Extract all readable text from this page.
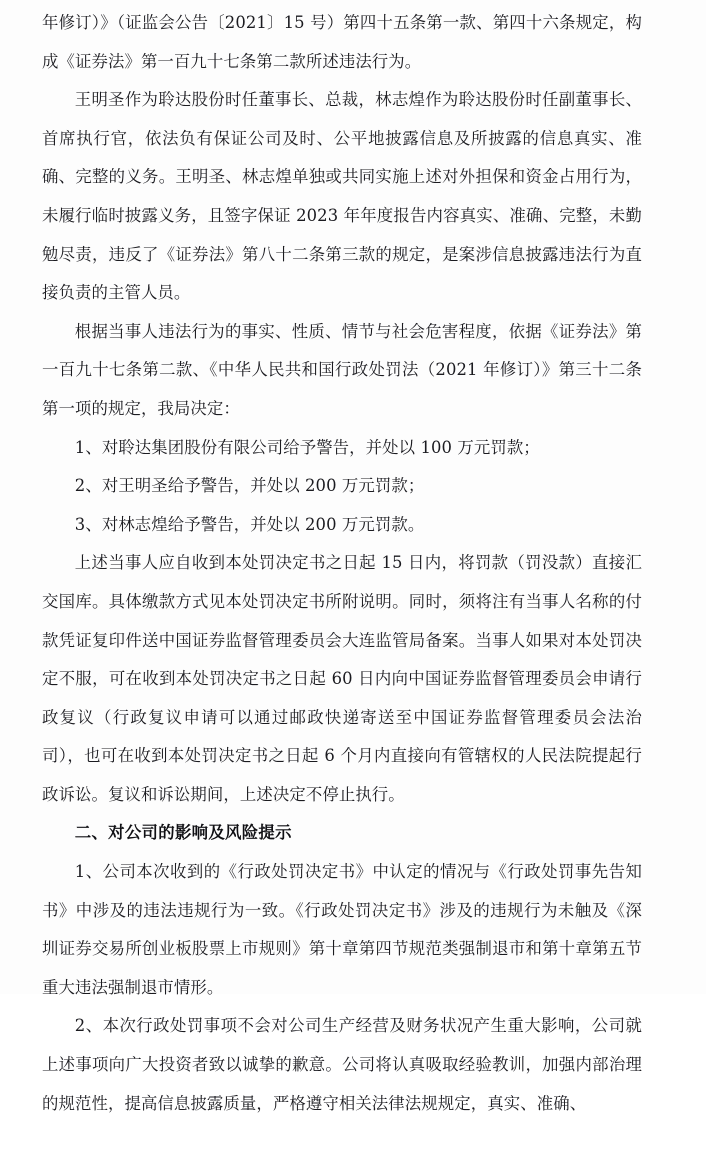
年修订）》（证监会公告〔2021〕15 号）第四十五条第一款、第四十六条规定，构成《证券法》第一百九十七条第二款所述违法行为。

王明圣作为聆达股份时任董事长、总裁，林志煌作为聆达股份时任副董事长、首席执行官，依法负有保证公司及时、公平地披露信息及所披露的信息真实、准确、完整的义务。王明圣、林志煌单独或共同实施上述对外担保和资金占用行为，未履行临时披露义务，且签字保证 2023 年年度报告内容真实、准确、完整，未勤勉尽责，违反了《证券法》第八十二条第三款的规定，是案涉信息披露违法行为直接负责的主管人员。

根据当事人违法行为的事实、性质、情节与社会危害程度，依据《证券法》第一百九十七条第二款、《中华人民共和国行政处罚法（2021 年修订）》第三十二条第一项的规定，我局决定：

1、对聆达集团股份有限公司给予警告，并处以 100 万元罚款；

2、对王明圣给予警告，并处以 200 万元罚款；

3、对林志煌给予警告，并处以 200 万元罚款。

上述当事人应自收到本处罚决定书之日起 15 日内，将罚款（罚没款）直接汇交国库。具体缴款方式见本处罚决定书所附说明。同时，须将注有当事人名称的付款凭证复印件送中国证券监督管理委员会大连监管局备案。当事人如果对本处罚决定不服，可在收到本处罚决定书之日起 60 日内向中国证券监督管理委员会申请行政复议（行政复议申请可以通过邮政快递寄送至中国证券监督管理委员会法治司），也可在收到本处罚决定书之日起 6 个月内直接向有管辖权的人民法院提起行政诉讼。复议和诉讼期间，上述决定不停止执行。

二、对公司的影响及风险提示

1、公司本次收到的《行政处罚决定书》中认定的情况与《行政处罚事先告知书》中涉及的违法违规行为一致。《行政处罚决定书》涉及的违规行为未触及《深圳证券交易所创业板股票上市规则》第十章第四节规范类强制退市和第十章第五节重大违法强制退市情形。

2、本次行政处罚事项不会对公司生产经营及财务状况产生重大影响，公司就上述事项向广大投资者致以诚挚的歉意。公司将认真吸取经验教训，加强内部治理的规范性，提高信息披露质量，严格遵守相关法律法规规定，真实、准确、
